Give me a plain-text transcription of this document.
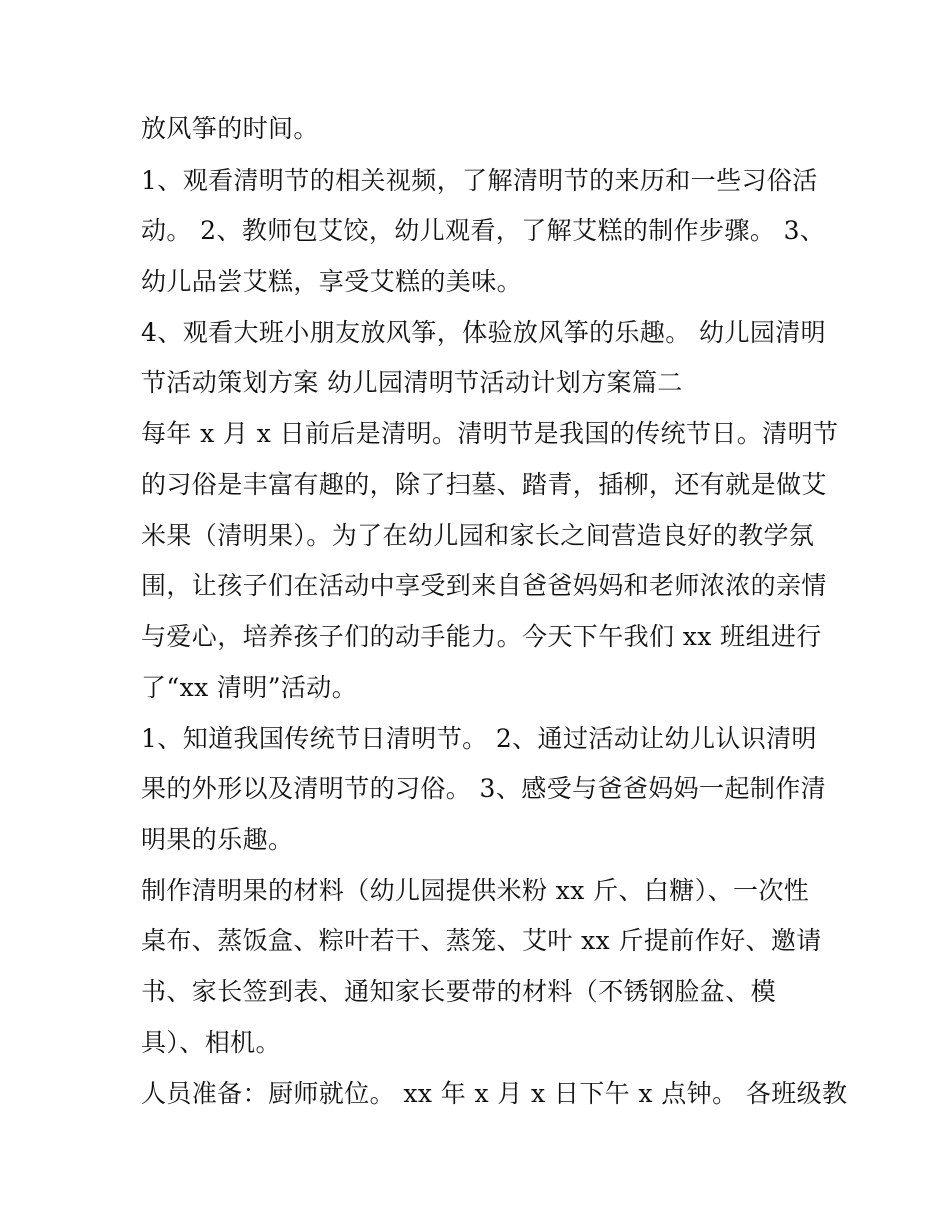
放风筝的时间。
1、观看清明节的相关视频，了解清明节的来历和一些习俗活
动。 2、教师包艾饺，幼儿观看，了解艾糕的制作步骤。 3、
幼儿品尝艾糕，享受艾糕的美味。
4、观看大班小朋友放风筝，体验放风筝的乐趣。 幼儿园清明
节活动策划方案 幼儿园清明节活动计划方案篇二
每年 x 月 x 日前后是清明。清明节是我国的传统节日。清明节
的习俗是丰富有趣的，除了扫墓、踏青，插柳，还有就是做艾
米果（清明果）。为了在幼儿园和家长之间营造良好的教学氛
围，让孩子们在活动中享受到来自爸爸妈妈和老师浓浓的亲情
与爱心，培养孩子们的动手能力。今天下午我们 xx 班组进行
了“xx 清明”活动。
1、知道我国传统节日清明节。 2、通过活动让幼儿认识清明
果的外形以及清明节的习俗。 3、感受与爸爸妈妈一起制作清
明果的乐趣。
制作清明果的材料（幼儿园提供米粉 xx 斤、白糖）、一次性
桌布、蒸饭盒、粽叶若干、蒸笼、艾叶 xx 斤提前作好、邀请
书、家长签到表、通知家长要带的材料（不锈钢脸盆、模
具）、相机。
人员准备：厨师就位。 xx 年 x 月 x 日下午 x 点钟。 各班级教
